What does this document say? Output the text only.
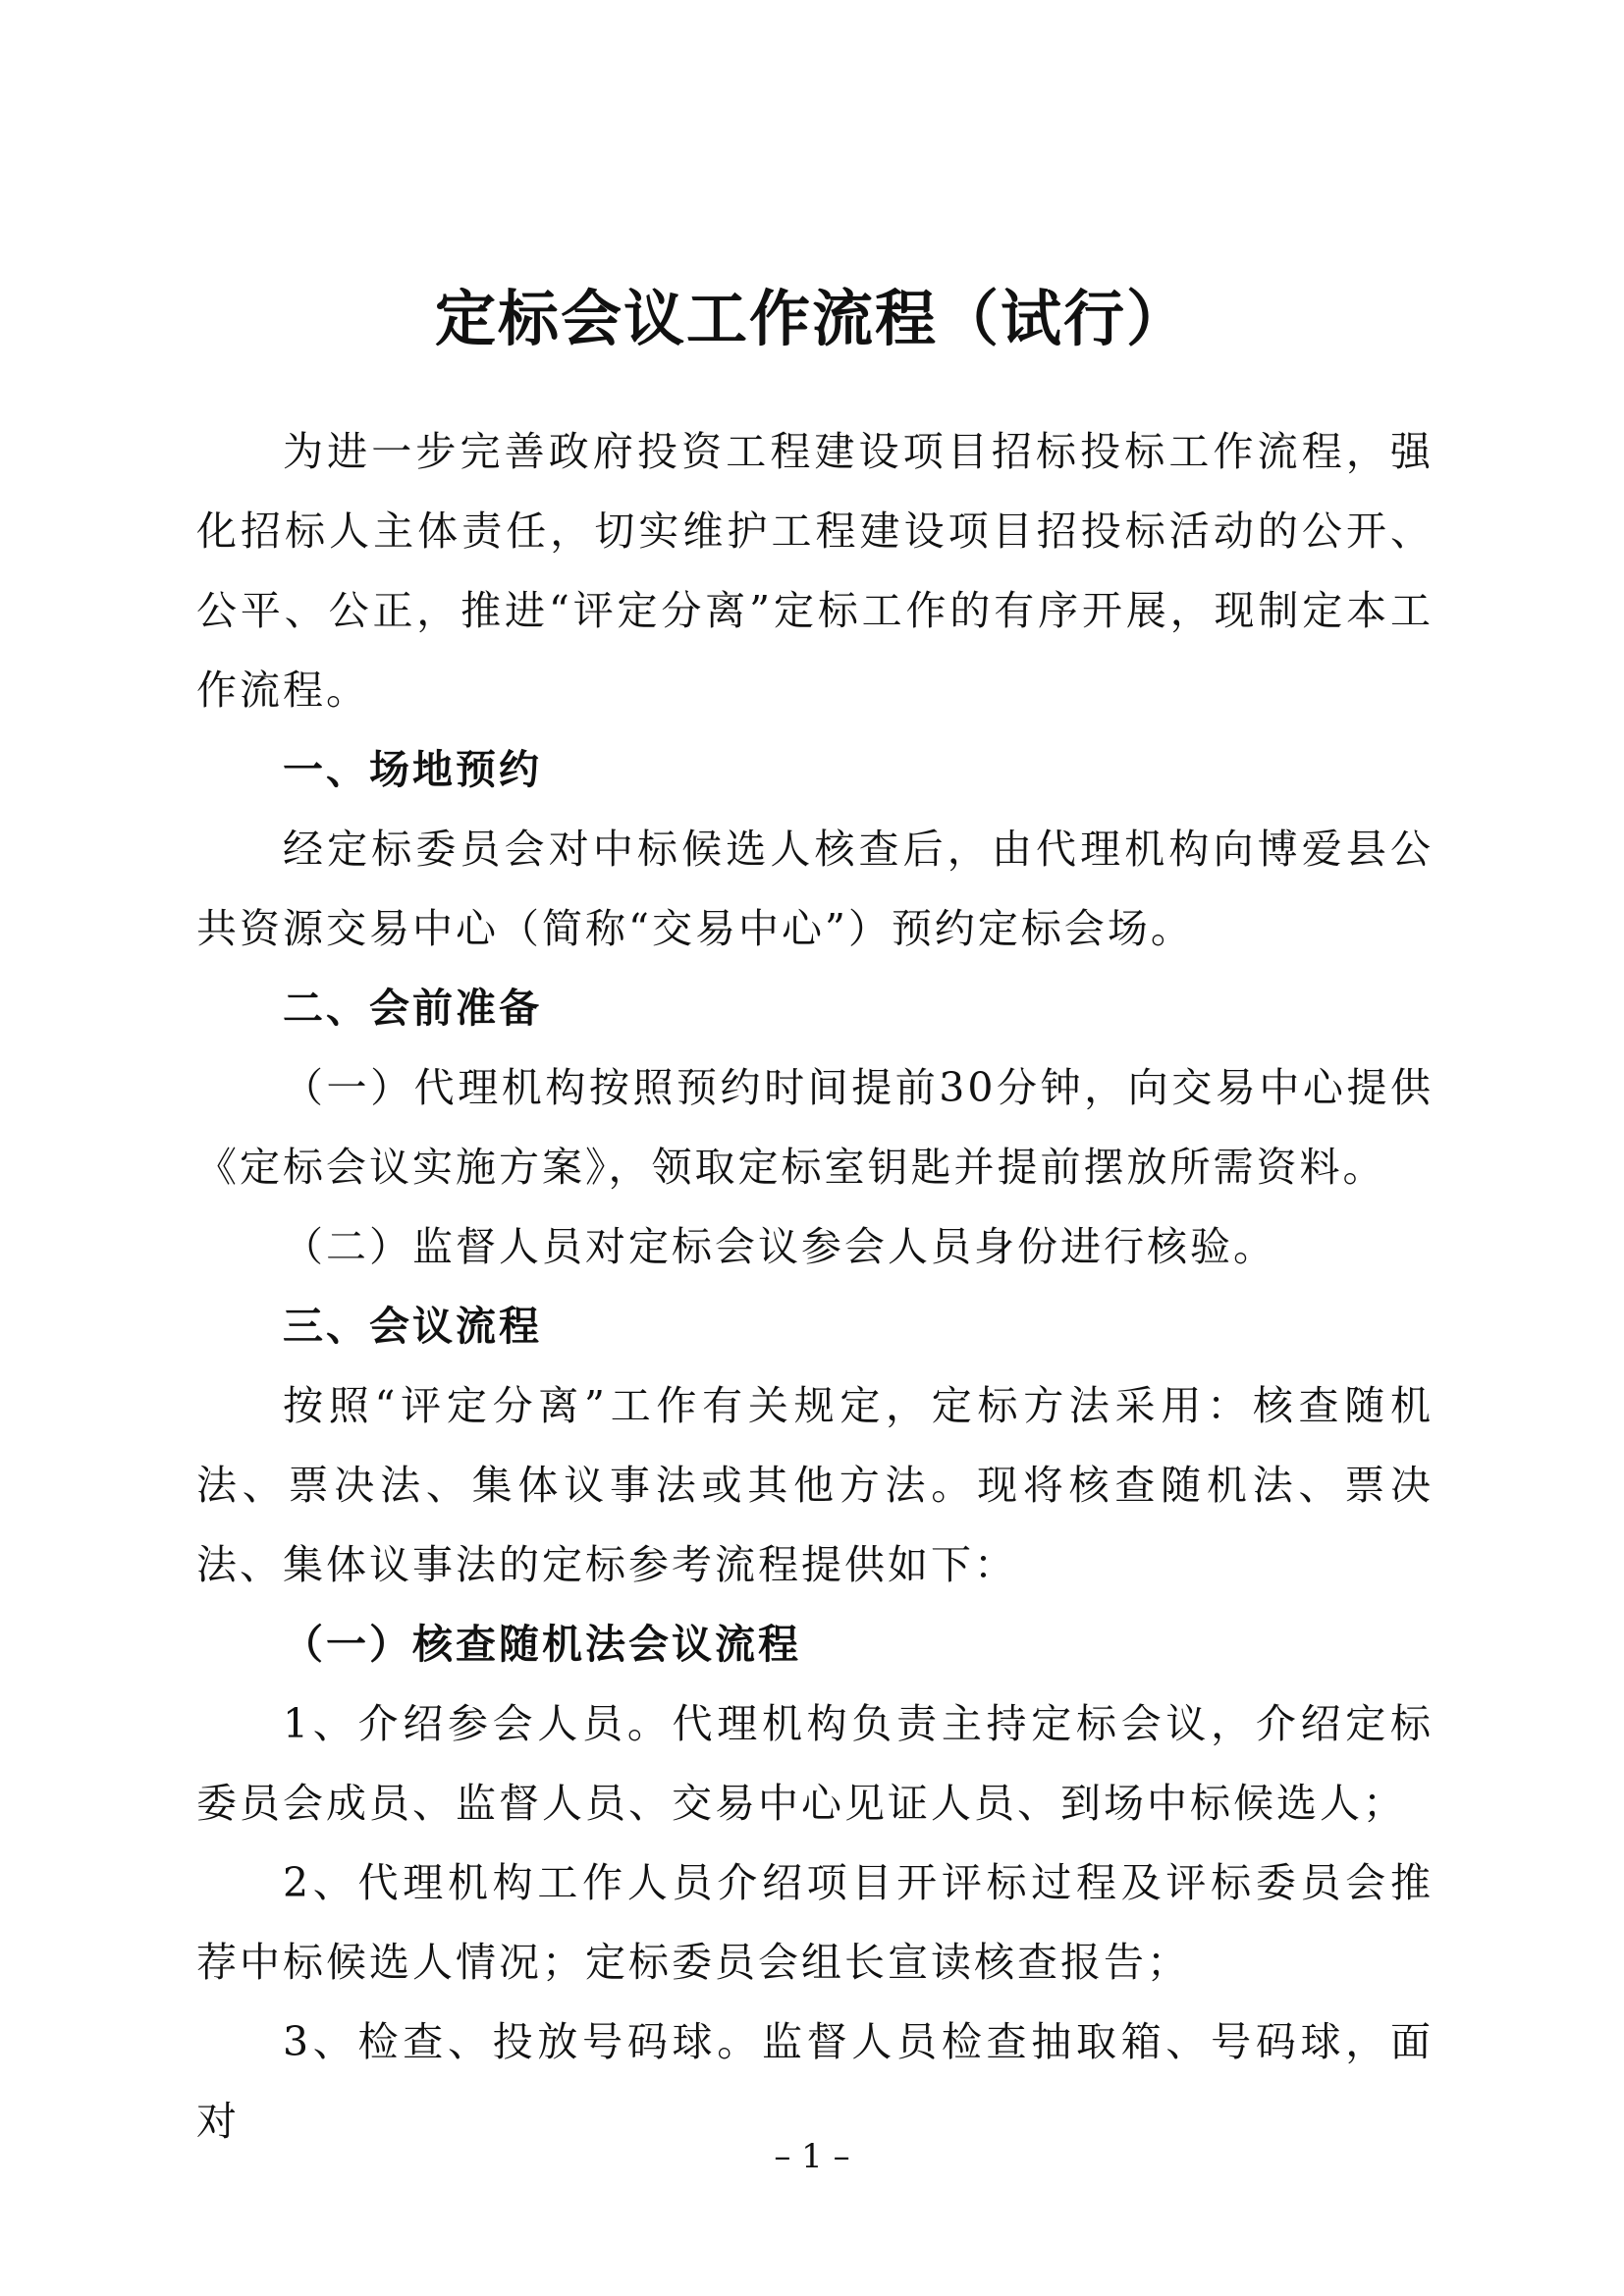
定标会议工作流程（试行）

为进一步完善政府投资工程建设项目招标投标工作流程，强化招标人主体责任，切实维护工程建设项目招投标活动的公开、公平、公正，推进“评定分离”定标工作的有序开展，现制定本工作流程。

一、场地预约

经定标委员会对中标候选人核查后，由代理机构向博爱县公共资源交易中心（简称“交易中心”）预约定标会场。

二、会前准备

（一）代理机构按照预约时间提前30分钟，向交易中心提供《定标会议实施方案》，领取定标室钥匙并提前摆放所需资料。

（二）监督人员对定标会议参会人员身份进行核验。

三、会议流程

按照“评定分离”工作有关规定，定标方法采用：核查随机法、票决法、集体议事法或其他方法。现将核查随机法、票决法、集体议事法的定标参考流程提供如下：

（一）核查随机法会议流程

1、介绍参会人员。代理机构负责主持定标会议，介绍定标委员会成员、监督人员、交易中心见证人员、到场中标候选人；

2、代理机构工作人员介绍项目开评标过程及评标委员会推荐中标候选人情况；定标委员会组长宣读核查报告；

3、检查、投放号码球。监督人员检查抽取箱、号码球，面对

– 1 –
